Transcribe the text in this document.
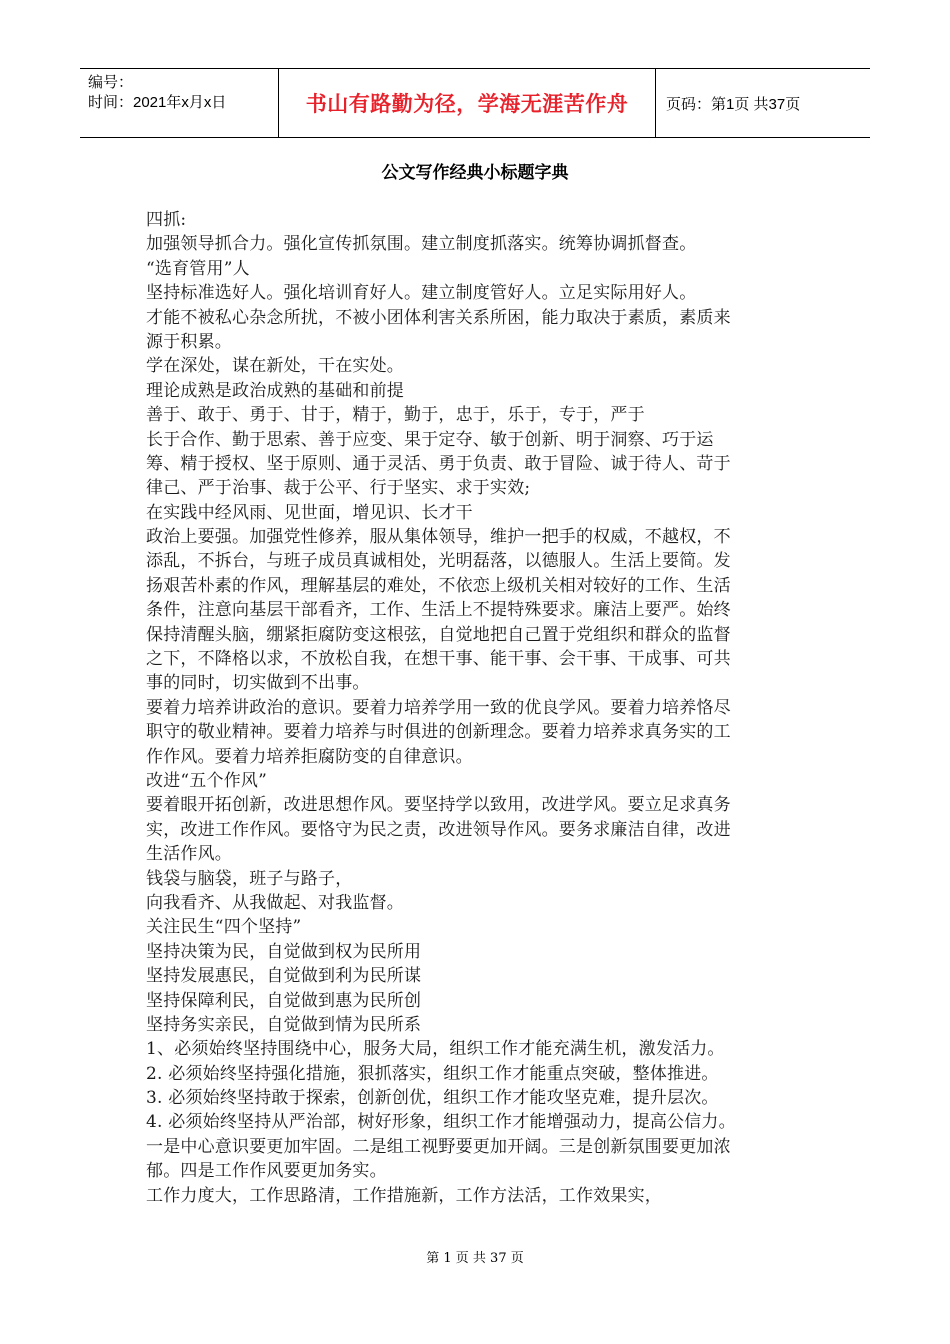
编号：
时间：2021年x月x日	书山有路勤为径，学海无涯苦作舟	页码：第1页 共37页
公文写作经典小标题字典
四抓:
加强领导抓合力。强化宣传抓氛围。建立制度抓落实。统筹协调抓督查。
“选育管用”人
坚持标准选好人。强化培训育好人。建立制度管好人。立足实际用好人。
才能不被私心杂念所扰，不被小团体利害关系所困，能力取决于素质，素质来
源于积累。
学在深处，谋在新处，干在实处。
理论成熟是政治成熟的基础和前提
善于、敢于、勇于、甘于，精于，勤于，忠于，乐于，专于，严于
长于合作、勤于思索、善于应变、果于定夺、敏于创新、明于洞察、巧于运
筹、精于授权、坚于原则、通于灵活、勇于负责、敢于冒险、诚于待人、苛于
律己、严于治事、裁于公平、行于坚实、求于实效;
在实践中经风雨、见世面，增见识、长才干
政治上要强。加强党性修养，服从集体领导，维护一把手的权威，不越权，不
添乱，不拆台，与班子成员真诚相处，光明磊落，以德服人。生活上要简。发
扬艰苦朴素的作风，理解基层的难处，不依恋上级机关相对较好的工作、生活
条件，注意向基层干部看齐，工作、生活上不提特殊要求。廉洁上要严。始终
保持清醒头脑，绷紧拒腐防变这根弦，自觉地把自己置于党组织和群众的监督
之下，不降格以求，不放松自我，在想干事、能干事、会干事、干成事、可共
事的同时，切实做到不出事。
要着力培养讲政治的意识。要着力培养学用一致的优良学风。要着力培养恪尽
职守的敬业精神。要着力培养与时俱进的创新理念。要着力培养求真务实的工
作作风。要着力培养拒腐防变的自律意识。
改进“五个作风”
要着眼开拓创新，改进思想作风。要坚持学以致用，改进学风。要立足求真务
实，改进工作作风。要恪守为民之责，改进领导作风。要务求廉洁自律，改进
生活作风。
钱袋与脑袋，班子与路子，
向我看齐、从我做起、对我监督。
关注民生“四个坚持”
坚持决策为民，自觉做到权为民所用
坚持发展惠民，自觉做到利为民所谋
坚持保障利民，自觉做到惠为民所创
坚持务实亲民，自觉做到情为民所系
1、必须始终坚持围绕中心，服务大局，组织工作才能充满生机，激发活力。
2. 必须始终坚持强化措施，狠抓落实，组织工作才能重点突破，整体推进。
3. 必须始终坚持敢于探索，创新创优，组织工作才能攻坚克难，提升层次。
4. 必须始终坚持从严治部，树好形象，组织工作才能增强动力，提高公信力。
一是中心意识要更加牢固。二是组工视野要更加开阔。三是创新氛围要更加浓
郁。四是工作作风要更加务实。
工作力度大，工作思路清，工作措施新，工作方法活，工作效果实，
第 1 页 共 37 页
